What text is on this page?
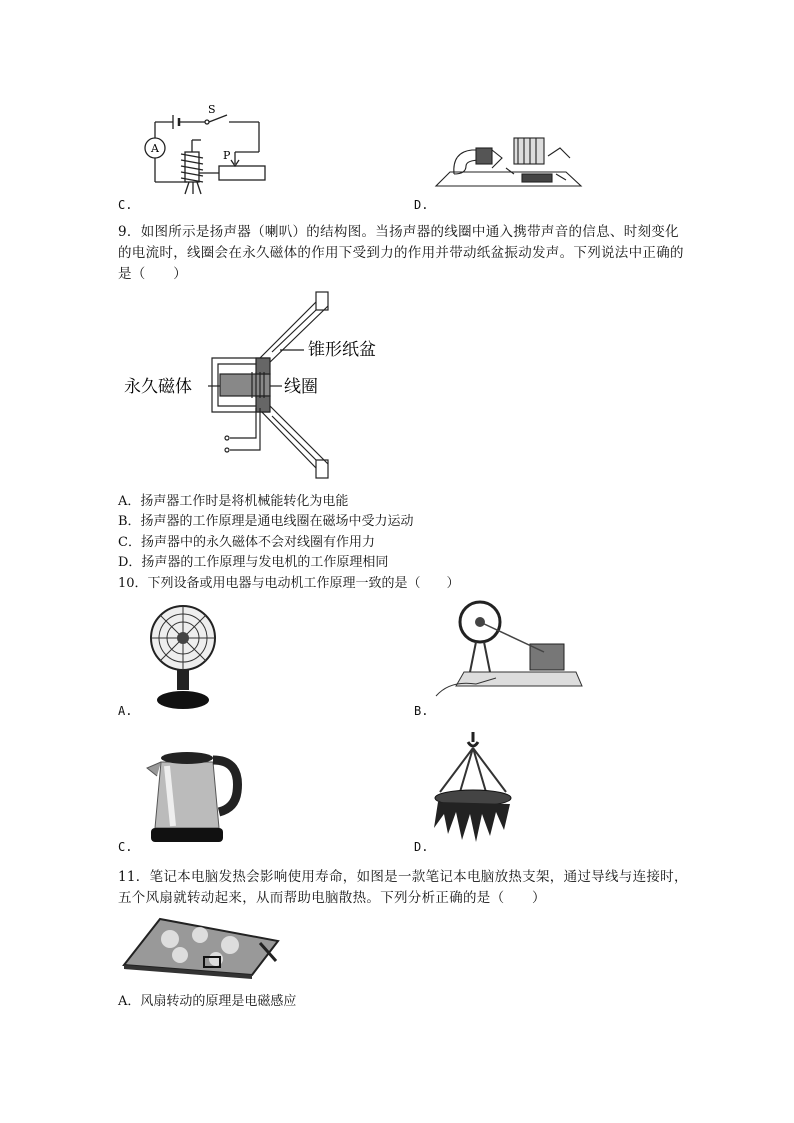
A
S
P
C.	D.
9．如图所示是扬声器（喇叭）的结构图。当扬声器的线圈中通入携带声音的信息、时刻变化的电流时，线圈会在永久磁体的作用下受到力的作用并带动纸盆振动发声。下列说法中正确的是（　　）
锥形纸盆
永久磁体	线圈
A．扬声器工作时是将机械能转化为电能
B．扬声器的工作原理是通电线圈在磁场中受力运动
C．扬声器中的永久磁体不会对线圈有作用力
D．扬声器的工作原理与发电机的工作原理相同
10．下列设备或用电器与电动机工作原理一致的是（　　）
A.	B.
C.	D.
11．笔记本电脑发热会影响使用寿命，如图是一款笔记本电脑放热支架，通过导线与连接时，五个风扇就转动起来，从而帮助电脑散热。下列分析正确的是（　　）
A．风扇转动的原理是电磁感应
